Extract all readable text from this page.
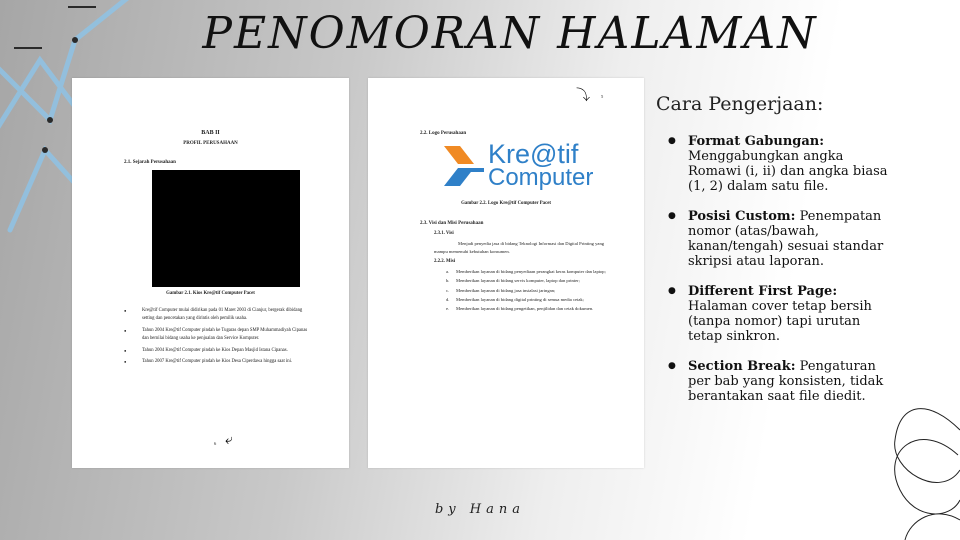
PENOMORAN HALAMAN
BAB II
PROFIL PERUSAHAAN
2.1. Sejarah Perusahaan
Gambar 2.1. Kios Kre@tif Computer Pacet
● Kre@tif Computer mulai didirikan pada 01 Maret 2003 di Cianjur, bergerak dibidang setting dan pencetakan yang dirintis oleh pemilik usaha.
● Tahun 2004 Kre@tif Computer pindah ke Tugaras depan SMP Muhammadiyah Cipanas dan bernilai bidang usaha ke penjualan dan Service Komputer.
● Tahun 2004 Kre@tif Computer pindah ke Kios Depan Masjid Istana Cipanas.
● Tahun 2007 Kre@tif Computer pindah ke Kios Desa Ciperdawa hingga saat ini.
6 ⤶
⤵ 5
2.2. Logo Perusahaan
Kre@tif
Computer
Gambar 2.2. Logo Kre@tif Computer Pacet
2.3. Visi dan Misi Perusahaan
2.3.1. Visi
Menjadi penyedia jasa di bidang Teknologi Informasi dan Digital Printing yang mampu memenuhi kebutuhan konsumen.
2.2.2. Misi
a. Memberikan layanan di bidang penyediaan perangkat keras komputer dan laptop;
b. Memberikan layanan di bidang servis komputer, laptop dan printer;
c. Memberikan layanan di bidang jasa instalasi jaringan;
d. Memberikan layanan di bidang digital printing di semua media cetak;
e. Memberikan layanan di bidang pengetikan, penjilidan dan cetak dokumen.
Cara Pengerjaan:
● Format Gabungan: Menggabungkan angka Romawi (i, ii) dan angka biasa (1, 2) dalam satu file.
● Posisi Custom: Penempatan nomor (atas/bawah, kanan/tengah) sesuai standar skripsi atau laporan.
● Different First Page: Halaman cover tetap bersih (tanpa nomor) tapi urutan tetap sinkron.
● Section Break: Pengaturan per bab yang konsisten, tidak berantakan saat file diedit.
by Hana
